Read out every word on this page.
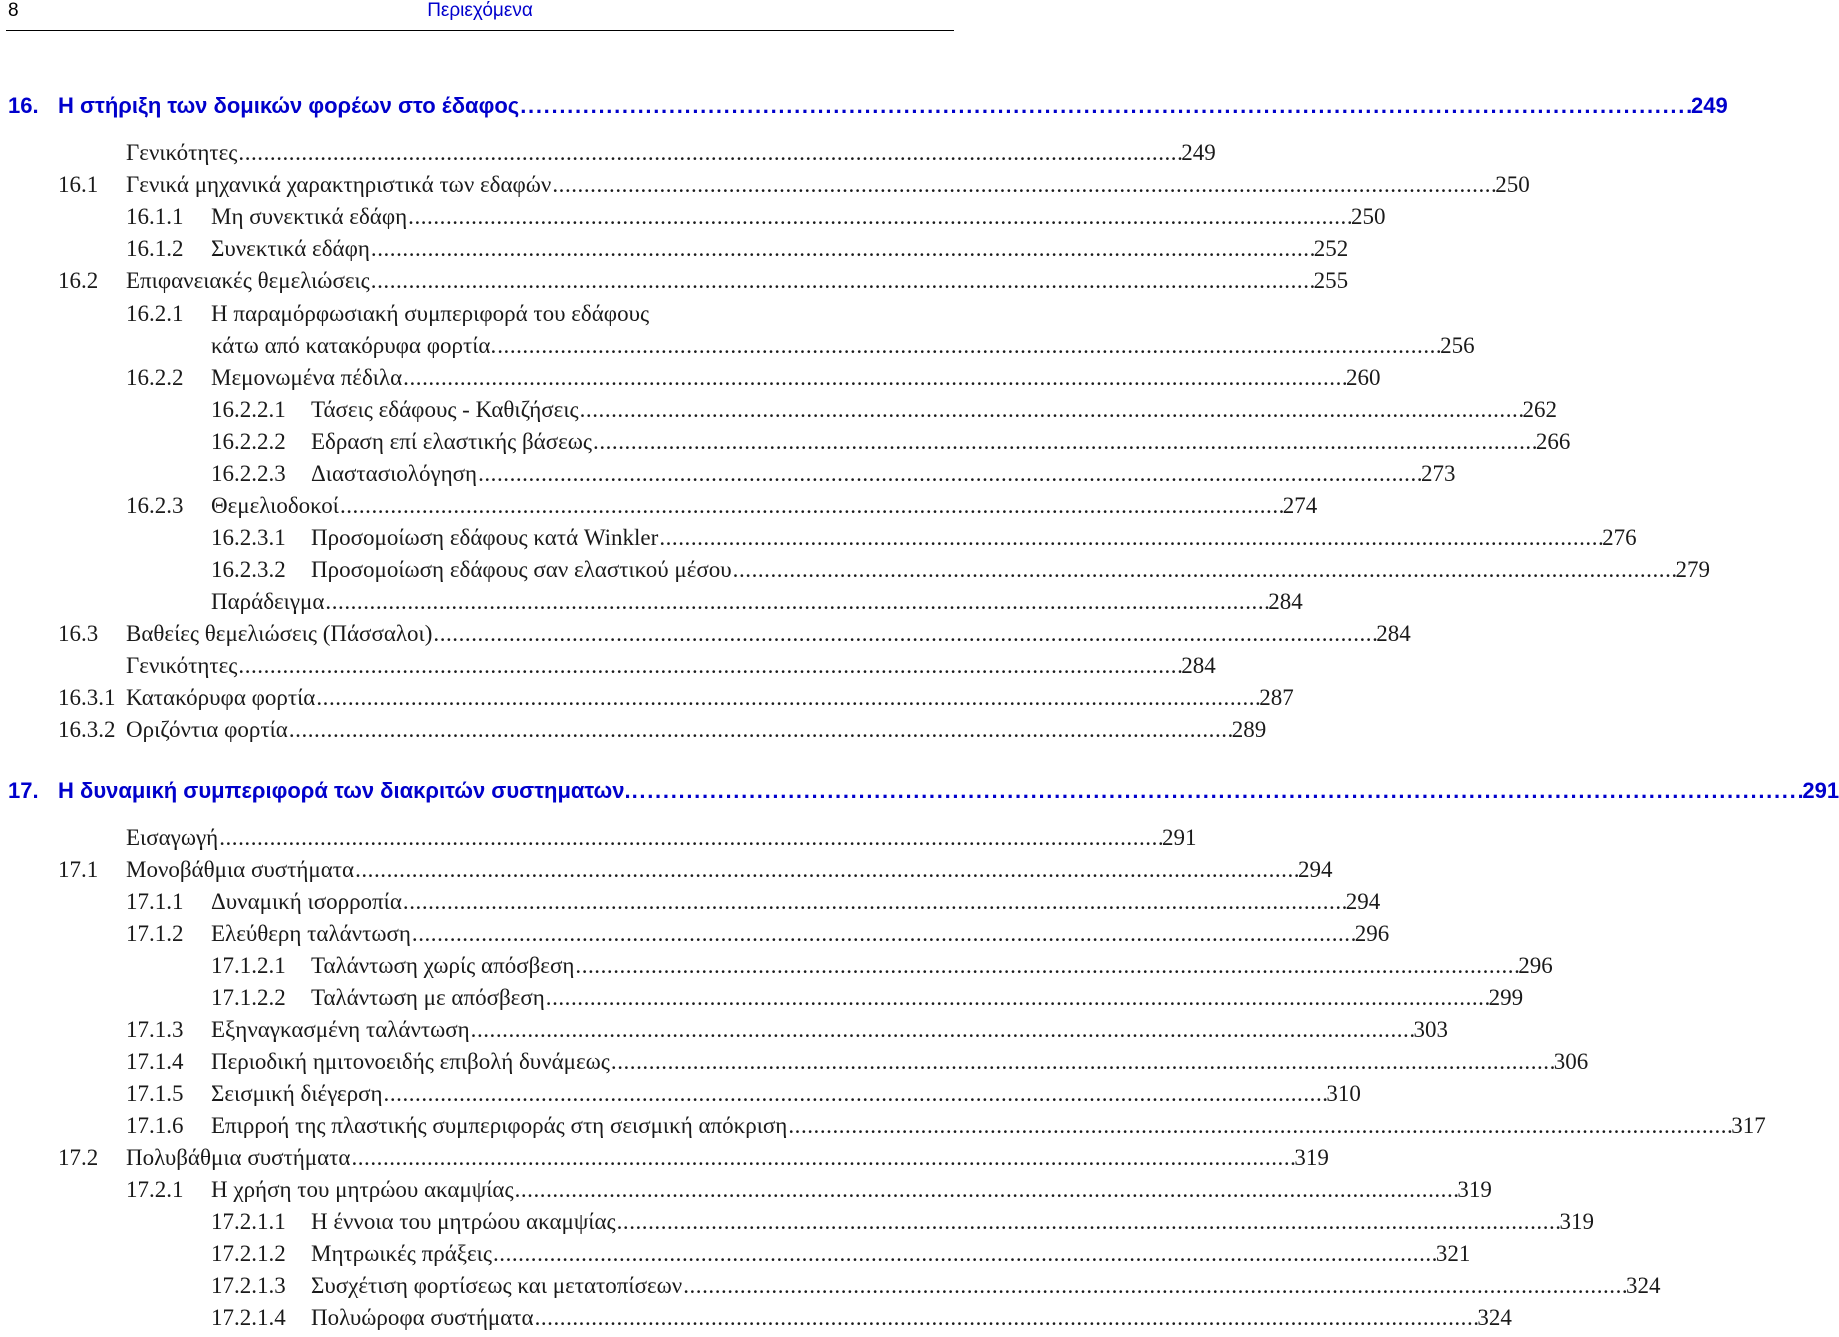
8	Περιεχόμενα
16. Η στήριξη των δομικών φορέων στο έδαφος . . .	249
Γενικότητες . . .	249
16.1	Γενικά μηχανικά χαρακτηριστικά των εδαφών . . .	250
16.1.1	Μη συνεκτικά εδάφη . . .	250
16.1.2	Συνεκτικά εδάφη . . .	252
16.2	Επιφανειακές θεμελιώσεις . . .	255
16.2.1	Η παραμόρφωσιακή συμπεριφορά του εδάφους
κάτω από κατακόρυφα φορτία. . . .	256
16.2.2	Μεμονωμένα πέδιλα . . .	260
16.2.2.1	Τάσεις εδάφους - Καθιζήσεις . . .	262
16.2.2.2	Εδραση επί ελαστικής βάσεως . . .	266
16.2.2.3	Διαστασιολόγηση . . .	273
16.2.3	Θεμελιοδοκοί . . .	274
16.2.3.1	Προσομοίωση εδάφους κατά Winkler . . .	276
16.2.3.2	Προσομοίωση εδάφους σαν ελαστικού μέσου . . .	279
Παράδειγμα . . .	284
16.3	Βαθείες θεμελιώσεις (Πάσσαλοι) . . .	284
Γενικότητες . . .	284
16.3.1 Κατακόρυφα φορτία . . .	287
16.3.2 Οριζόντια φορτία . . .	289
17. Η δυναμική συμπεριφορά των διακριτών συστηματων. . . .	291
Εισαγωγή . . .	291
17.1	Μονοβάθμια συστήματα . . .	294
17.1.1	Δυναμική ισορροπία . . .	294
17.1.2	Ελεύθερη ταλάντωση . . .	296
17.1.2.1	Ταλάντωση χωρίς απόσβεση . . .	296
17.1.2.2	Ταλάντωση με απόσβεση . . .	299
17.1.3	Εξηναγκασμένη ταλάντωση . . .	303
17.1.4	Περιοδική ημιτονοειδής επιβολή δυνάμεως . . .	306
17.1.5	Σεισμική διέγερση . . .	310
17.1.6	Επιρροή της πλαστικής συμπεριφοράς στη σεισμική απόκριση . . .	317
17.2	Πολυβάθμια συστήματα . . .	319
17.2.1	Η χρήση του μητρώου ακαμψίας . . .	319
17.2.1.1	Η έννοια του μητρώου ακαμψίας . . .	319
17.2.1.2	Μητρωικές πράξεις . . .	321
17.2.1.3	Συσχέτιση φορτίσεως και μετατοπίσεων . . .	324
17.2.1.4	Πολυώροφα συστήματα . . .	324
